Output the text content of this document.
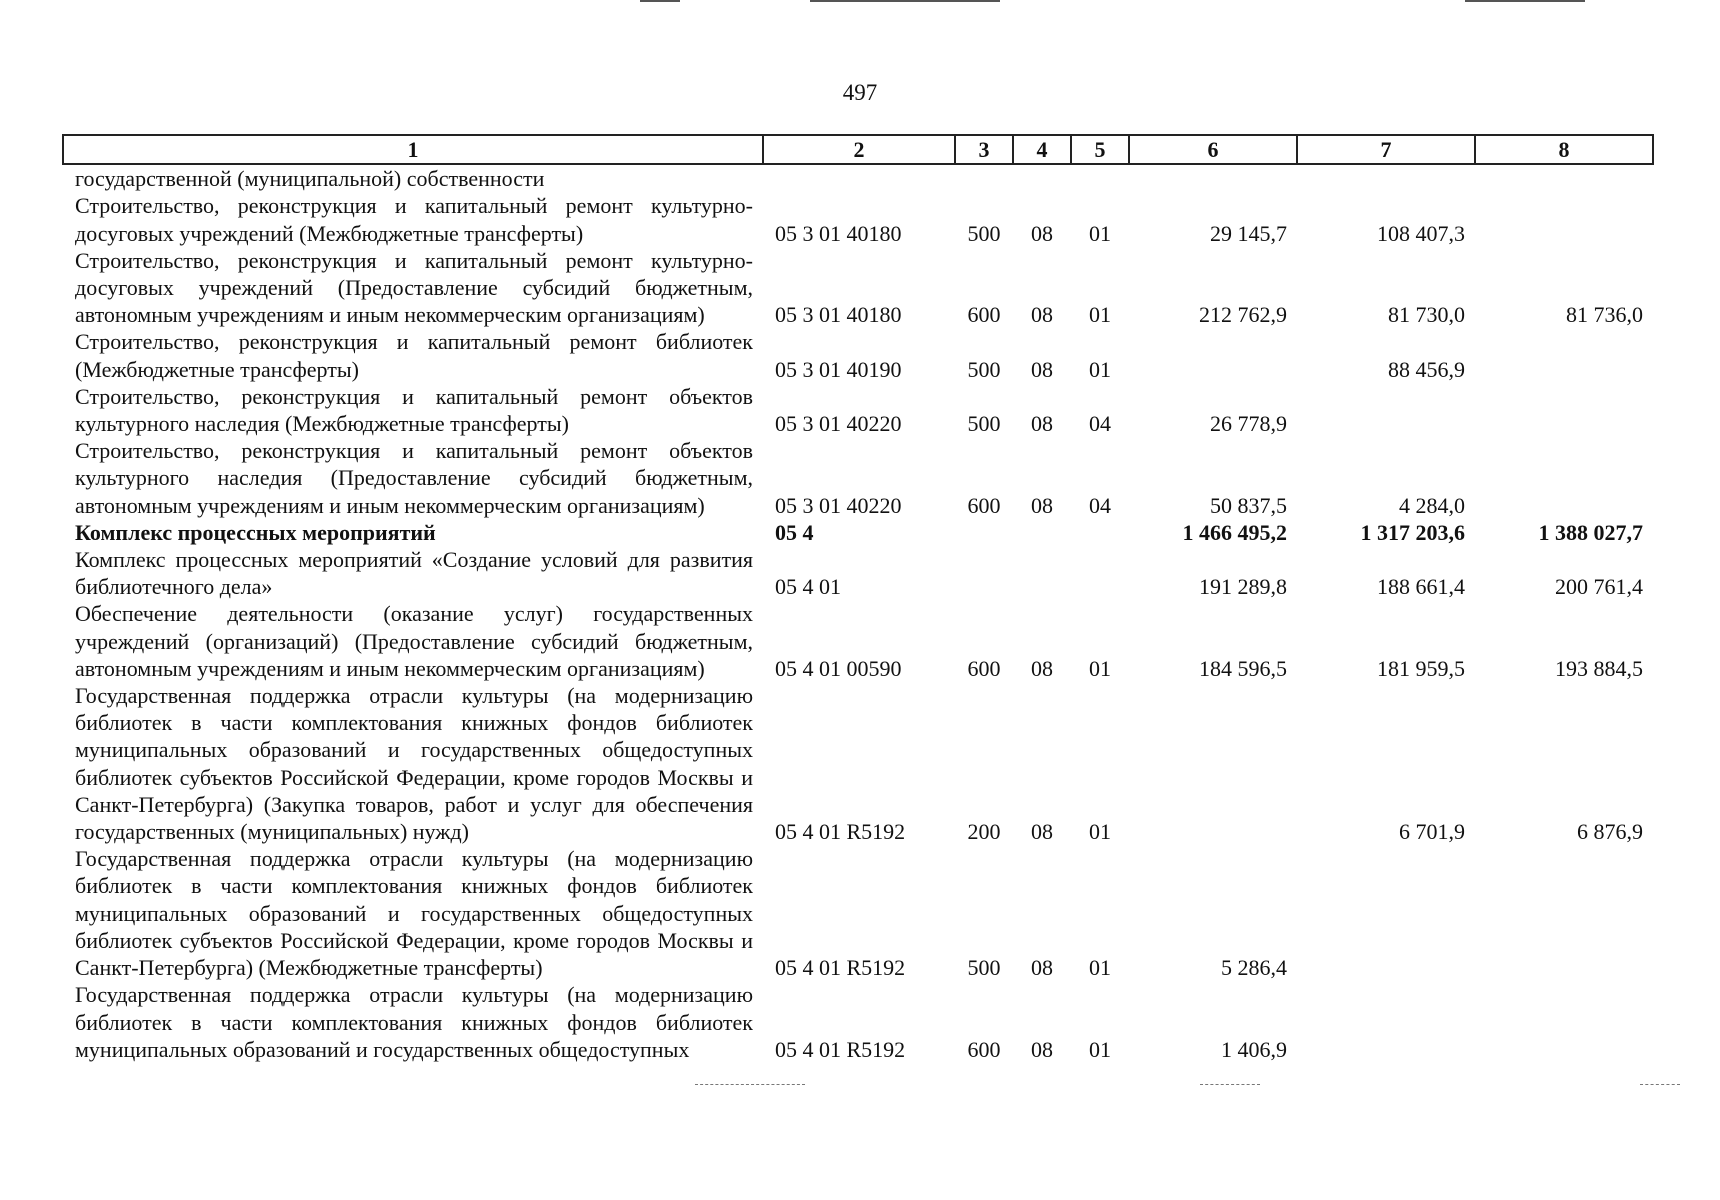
497
1	2	3	4	5	6	7	8
государственной (муниципальной) собственности							
Строительство, реконструкция и капитальный ремонт культурно-досуговых учреждений (Межбюджетные трансферты)	05 3 01 40180	500	08	01	29 145,7	108 407,3	
Строительство, реконструкция и капитальный ремонт культурно-досуговых учреждений (Предоставление субсидий бюджетным, автономным учреждениям и иным некоммерческим организациям)	05 3 01 40180	600	08	01	212 762,9	81 730,0	81 736,0
Строительство, реконструкция и капитальный ремонт библиотек (Межбюджетные трансферты)	05 3 01 40190	500	08	01		88 456,9	
Строительство, реконструкция и капитальный ремонт объектов культурного наследия (Межбюджетные трансферты)	05 3 01 40220	500	08	04	26 778,9		
Строительство, реконструкция и капитальный ремонт объектов культурного наследия (Предоставление субсидий бюджетным, автономным учреждениям и иным некоммерческим организациям)	05 3 01 40220	600	08	04	50 837,5	4 284,0	
Комплекс процессных мероприятий	05 4				1 466 495,2	1 317 203,6	1 388 027,7
Комплекс процессных мероприятий «Создание условий для развития библиотечного дела»	05 4 01				191 289,8	188 661,4	200 761,4
Обеспечение деятельности (оказание услуг) государственных учреждений (организаций) (Предоставление субсидий бюджетным, автономным учреждениям и иным некоммерческим организациям)	05 4 01 00590	600	08	01	184 596,5	181 959,5	193 884,5
Государственная поддержка отрасли культуры (на модернизацию библиотек в части комплектования книжных фондов библиотек муниципальных образований и государственных общедоступных библиотек субъектов Российской Федерации, кроме городов Москвы и Санкт-Петербурга) (Закупка товаров, работ и услуг для обеспечения государственных (муниципальных) нужд)	05 4 01 R5192	200	08	01		6 701,9	6 876,9
Государственная поддержка отрасли культуры (на модернизацию библиотек в части комплектования книжных фондов библиотек муниципальных образований и государственных общедоступных библиотек субъектов Российской Федерации, кроме городов Москвы и Санкт-Петербурга) (Межбюджетные трансферты)	05 4 01 R5192	500	08	01	5 286,4		
Государственная поддержка отрасли культуры (на модернизацию библиотек в части комплектования книжных фондов библиотек муниципальных образований и государственных общедоступных	05 4 01 R5192	600	08	01	1 406,9		
